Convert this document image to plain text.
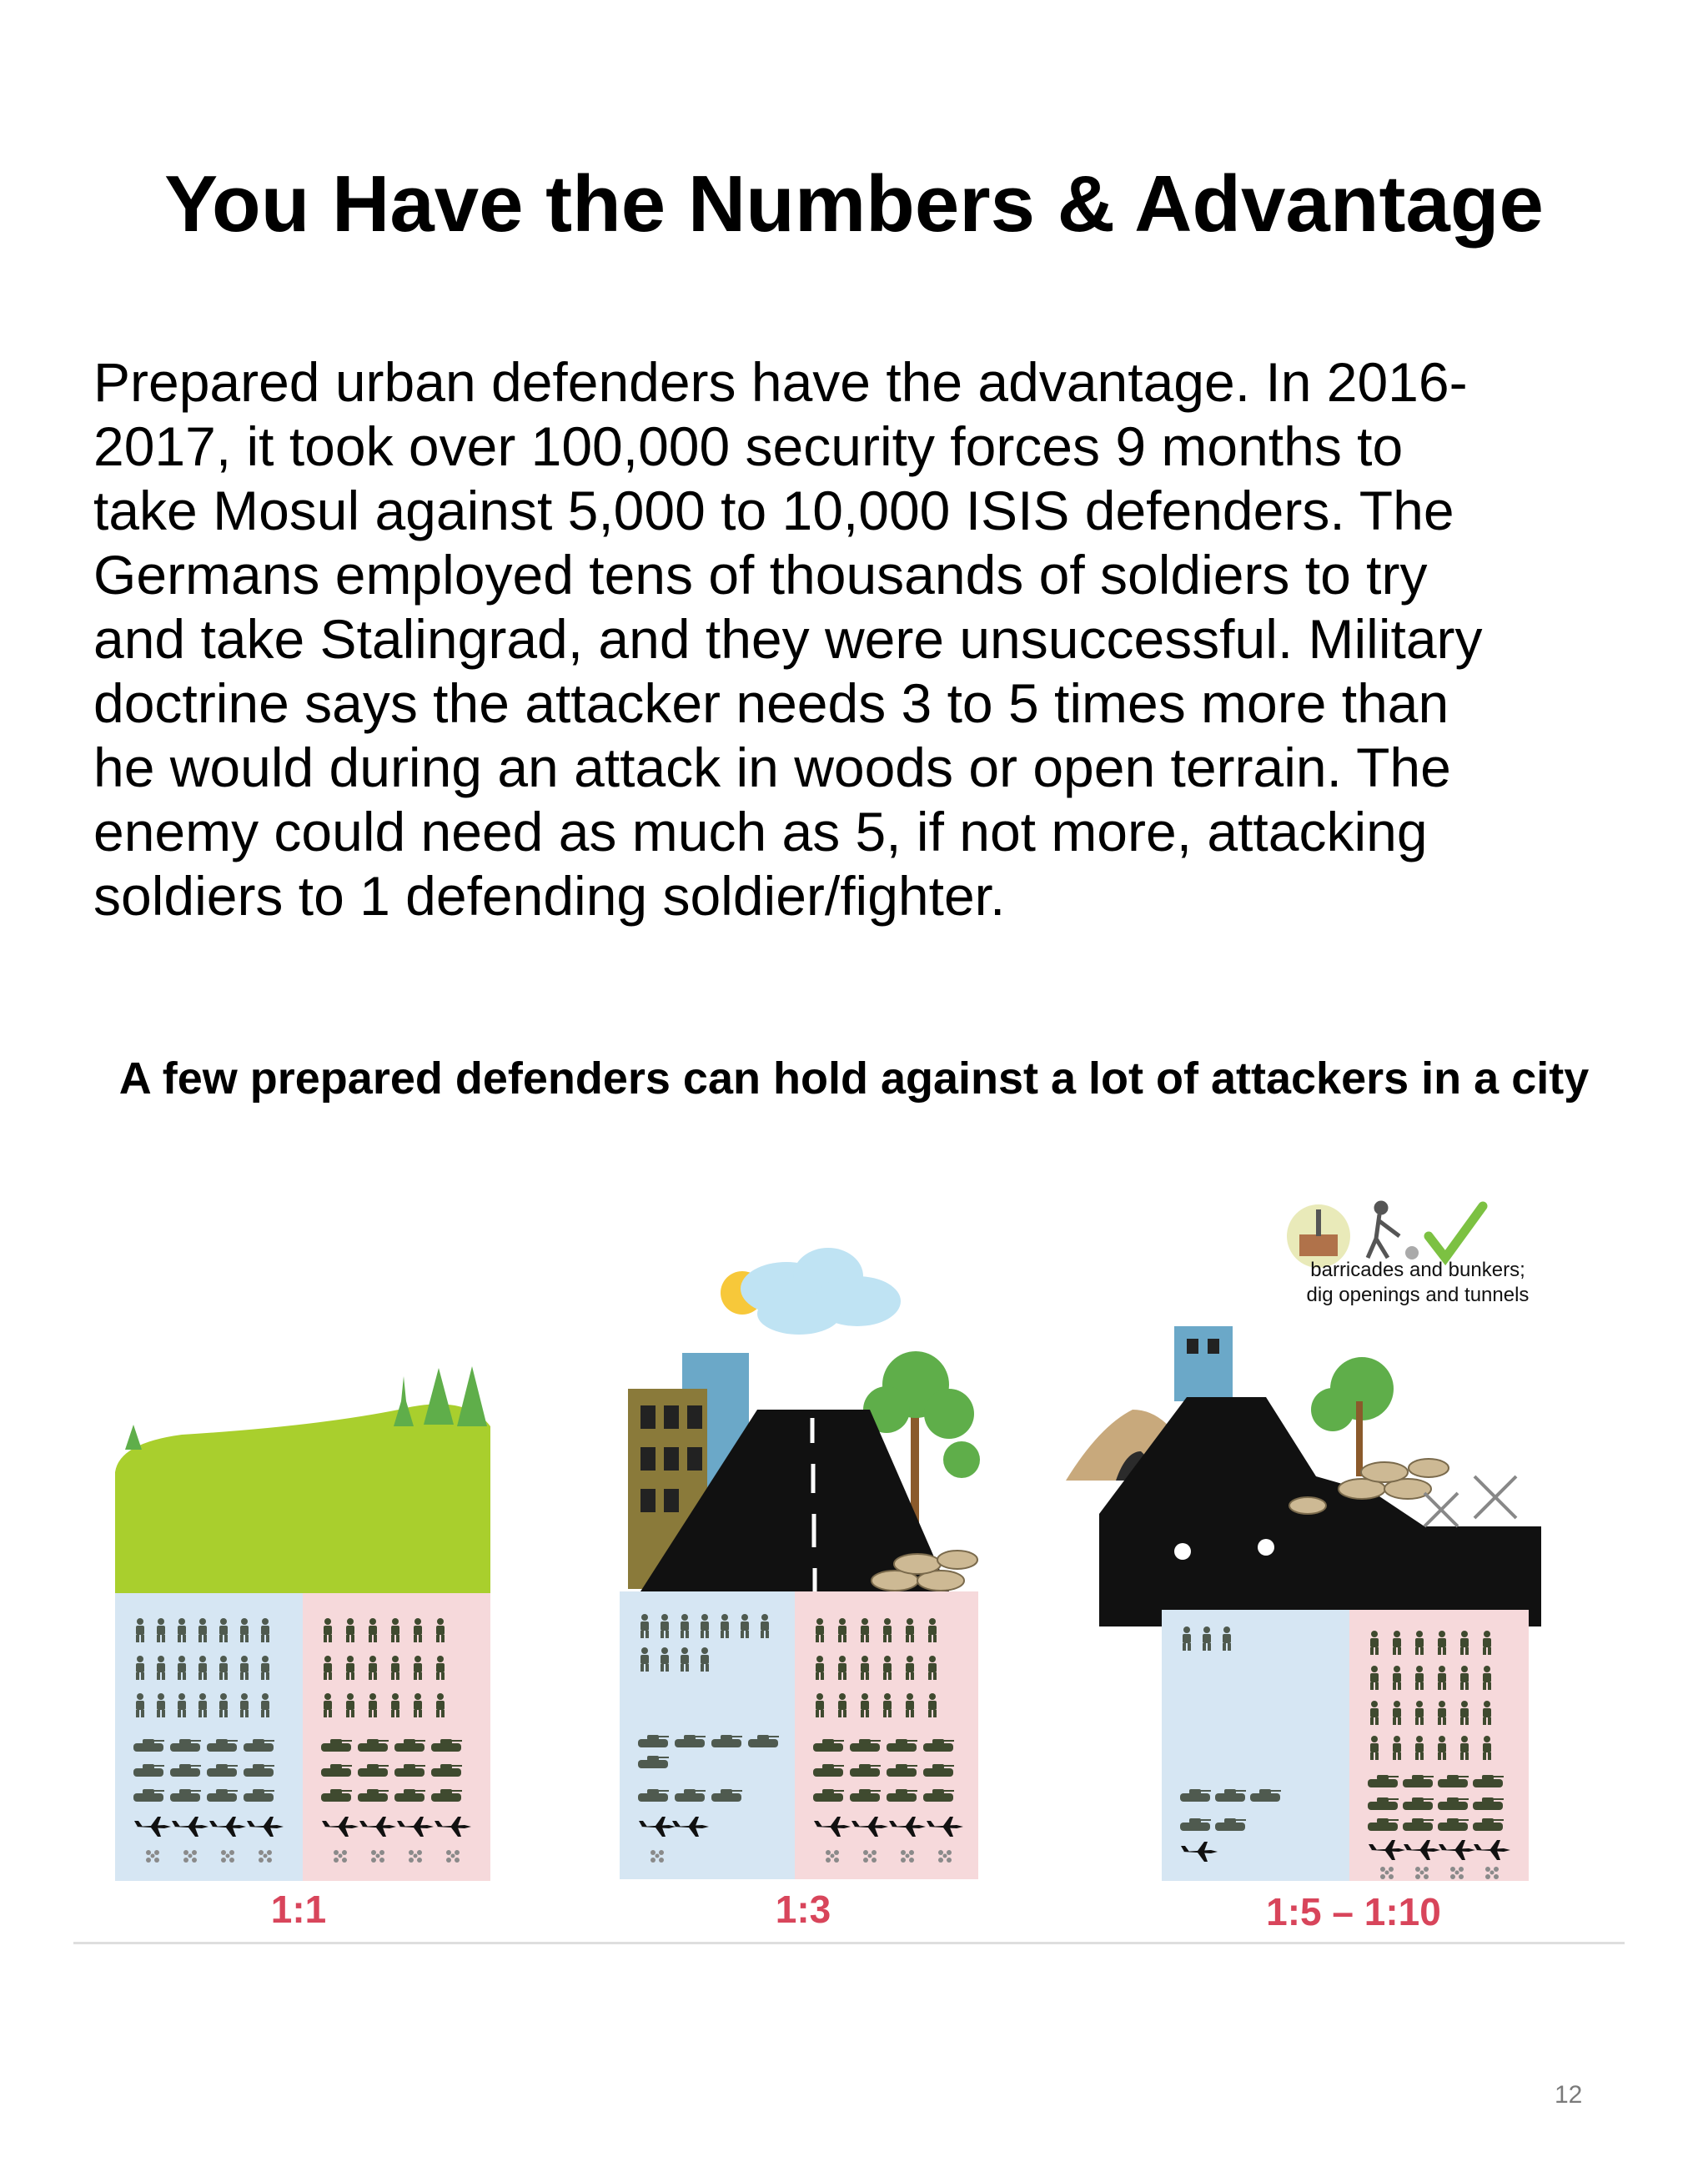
You Have the Numbers & Advantage
Prepared urban defenders have the advantage. In 2016-
2017, it took over 100,000 security forces 9 months to
take Mosul against 5,000 to 10,000 ISIS defenders. The
Germans employed tens of thousands of soldiers to try
and take Stalingrad, and they were unsuccessful. Military
doctrine says the attacker needs 3 to 5 times more than
he would during an attack in woods or open terrain. The
enemy could need as much as 5, if not more, attacking
soldiers to 1 defending soldier/fighter.
A few prepared defenders can hold against a lot of attackers in a city
barricades and bunkers;
dig openings and tunnels
1:1	1:3	1:5 – 1:10
12
